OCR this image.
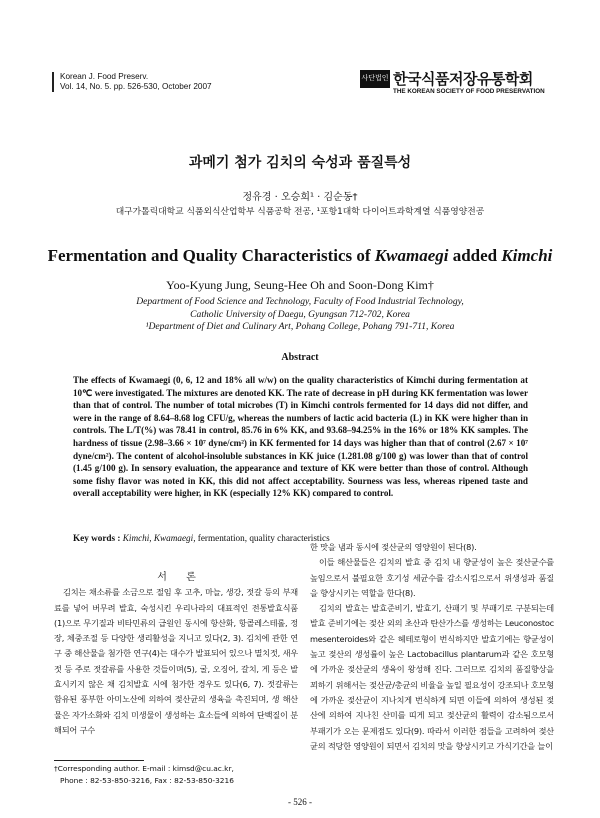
Korean J. Food Preserv.
Vol. 14, No. 5. pp. 526-530, October 2007
사단법인 한국식품저장유통학회
THE KOREAN SOCIETY OF FOOD PRESERVATION
과메기 첨가 김치의 숙성과 품질특성
정유경 · 오승희¹ · 김순동†
대구가톨릭대학교 식품외식산업학부 식품공학 전공, ¹포항1대학 다이어트과학계열 식품영양전공
Fermentation and Quality Characteristics of Kwamaegi added Kimchi
Yoo-Kyung Jung, Seung-Hee Oh and Soon-Dong Kim†
Department of Food Science and Technology, Faculty of Food Industrial Technology,
Catholic University of Daegu, Gyungsan 712-702, Korea
¹Department of Diet and Culinary Art, Pohang College, Pohang 791-711, Korea
Abstract
The effects of Kwamaegi (0, 6, 12 and 18% all w/w) on the quality characteristics of Kimchi during fermentation at 10℃ were investigated. The mixtures are denoted KK. The rate of decrease in pH during KK fermentation was lower than that of control. The number of total microbes (T) in Kimchi controls fermented for 14 days did not differ, and were in the range of 8.64–8.68 log CFU/g, whereas the numbers of lactic acid bacteria (L) in KK were higher than in controls. The L/T(%) was 78.41 in control, 85.76 in 6% KK, and 93.68–94.25% in the 16% or 18% KK samples. The hardness of tissue (2.98–3.66 × 10⁷ dyne/cm²) in KK fermented for 14 days was higher than that of control (2.67 × 10⁷ dyne/cm²). The content of alcohol-insoluble substances in KK juice (1.281.08 g/100 g) was lower than that of control (1.45 g/100 g). In sensory evaluation, the appearance and texture of KK were better than those of control. Although some fishy flavor was noted in KK, this did not affect acceptability. Sourness was less, whereas ripened taste and overall acceptability were higher, in KK (especially 12% KK) compared to control.
Key words : Kimchi, Kwamaegi, fermentation, quality characteristics

서 론

김치는 채소류를 소금으로 절임 후 고추, 마늘, 생강, 젓갈 등의 부재료를 넣어 버무려 발효, 숙성시킨 우리나라의 대표적인 전통발효식품(1)으로 무기질과 비타민류의 급원인 동시에 항산화, 항콜레스테롤, 정장, 체중조절 등 다양한 생리활성을 지니고 있다(2, 3). 김치에 관한 연구 중 해산물을 첨가한 연구(4)는 대수가 발표되어 있으나 멸치젓, 새우젓 등 주로 젓갈류를 사용한 것들이며(5), 굴, 오징어, 갈치, 게 등은 발효시키지 않은 채 김치발효 시에 첨가한 경우도 있다(6, 7). 젓갈류는 함유된 풍부한 아미노산에 의하여 젖산균의 생육을 촉진되며, 생 해산물은 자가소화와 김치 미생물이 생성하는 효소들에 의하여 단백질이 분해되어 구수

한 맛을 냄과 동시에 젖산균의 영양원이 된다(8).

이들 해산물들은 김치의 발효 중 김치 내 향균성이 높은 젖산균수를 높임으로서 불필요한 호기성 세균수를 감소시킴으로서 위생성과 품질을 향상시키는 역할을 한다(8).

김치의 발효는 발효준비기, 발효기, 산패기 및 부패기로 구분되는데 발효 준비기에는 젖산 외의 초산과 탄산가스를 생성하는 Leuconostoc mesenteroides와 같은 헤테로형이 번식하지만 발효기에는 향균성이 높고 젖산의 생성률이 높은 Lactobacillus plantarum과 같은 호모형에 가까운 젖산균의 생육이 왕성해 진다. 그러므로 김치의 품질향상을 꾀하기 위해서는 젖산균/총균의 비율을 높일 필요성이 강조되나 호모형에 가까운 젖산균이 지나치게 번식하게 되면 이들에 의하여 생성된 젖산에 의하여 지나친 산미를 띠게 되고 젖산균의 활력이 감소됨으로서 부패기가 오는 문제점도 있다(9). 따라서 이러한 점들을 고려하여 젖산균의 적당한 영양원이 되면서 김치의 맛을 향상시키고 가식기간을 늘이

†Corresponding author. E-mail : kimsd@cu.ac.kr,
Phone : 82-53-850-3216, Fax : 82-53-850-3216
- 526 -
